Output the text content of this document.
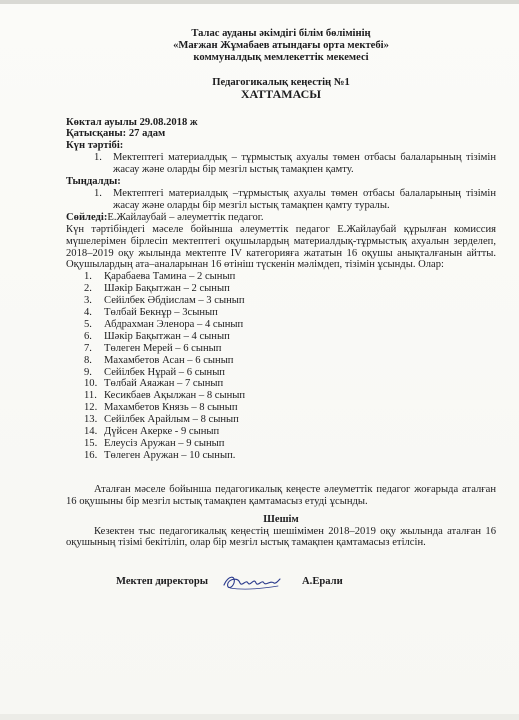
Талас ауданы әкімдігі білім бөлімінің
«Мағжан Жұмабаев атындағы орта мектебі»
коммуналдық мемлекеттік мекемесі
Педагогикалық кеңестің №1
ХАТТАМАСЫ
Көктал ауылы 29.08.2018 ж
Қатысқаны: 27 адам
Күн тәртібі:
1.	Мектептегі материалдық – тұрмыстық ахуалы төмен отбасы балаларының тізімін жасау және оларды бір мезгіл ыстық тамақпен қамту.
Тыңдалды:
1.	Мектептегі материалдық –тұрмыстық ахуалы төмен отбасы балаларының тізімін жасау және оларды бір мезгіл ыстық тамақпен қамту туралы.
Сөйледі:Е.Жайлаубай – әлеуметтік педагог.
Күн тәртібіндегі мәселе бойынша әлеуметтік педагог Е.Жайлаубай құрылған комиссия мүшелерімен бірлесіп мектептегі оқушылардың материалдық-тұрмыстық ахуалын зерделеп, 2018–2019 оқу жылында мектепте IV категорияға жататын 16 оқушы анықталғанын айтты. Оқушылардың ата–аналарынан 16 өтініш түскенін мәлімдеп, тізімін ұсынды. Олар:
1.	Қарабаева Тамина – 2 сынып
2.	Шәкір Бақытжан – 2 сынып
3.	Сейілбек Әбдіислам – 3 сынып
4.	Төлбай Бекнұр – 3сынып
5.	Абдрахман Эленора – 4 сынып
6.	Шәкір Бақытжан – 4 сынып
7.	Төлеген Мерей – 6 сынып
8.	Махамбетов Асан – 6 сынып
9.	Сейілбек Нұрай – 6 сынып
10. Төлбай Аяажан – 7 сынып
11. Кесикбаев Ақылжан – 8 сынып
12. Махамбетов Князь – 8 сынып
13. Сейілбек Арайлым – 8 сынып
14. Дүйсен Акерке - 9 сынып
15. Елеусіз Аружан – 9 сынып
16. Төлеген Аружан – 10 сынып.
Аталған мәселе бойынша педагогикалық кеңесте әлеуметтік педагог жоғарыда аталған 16 оқушыны бір мезгіл ыстық тамақпен қамтамасыз етуді ұсынды.
Шешім
Кезектен тыс педагогикалық кеңестің шешімімен 2018–2019 оқу жылында аталған 16 оқушының тізімі бекітіліп, олар бір мезгіл ыстық тамақпен қамтамасыз етілсін.
Мектеп директоры	А.Ерали
